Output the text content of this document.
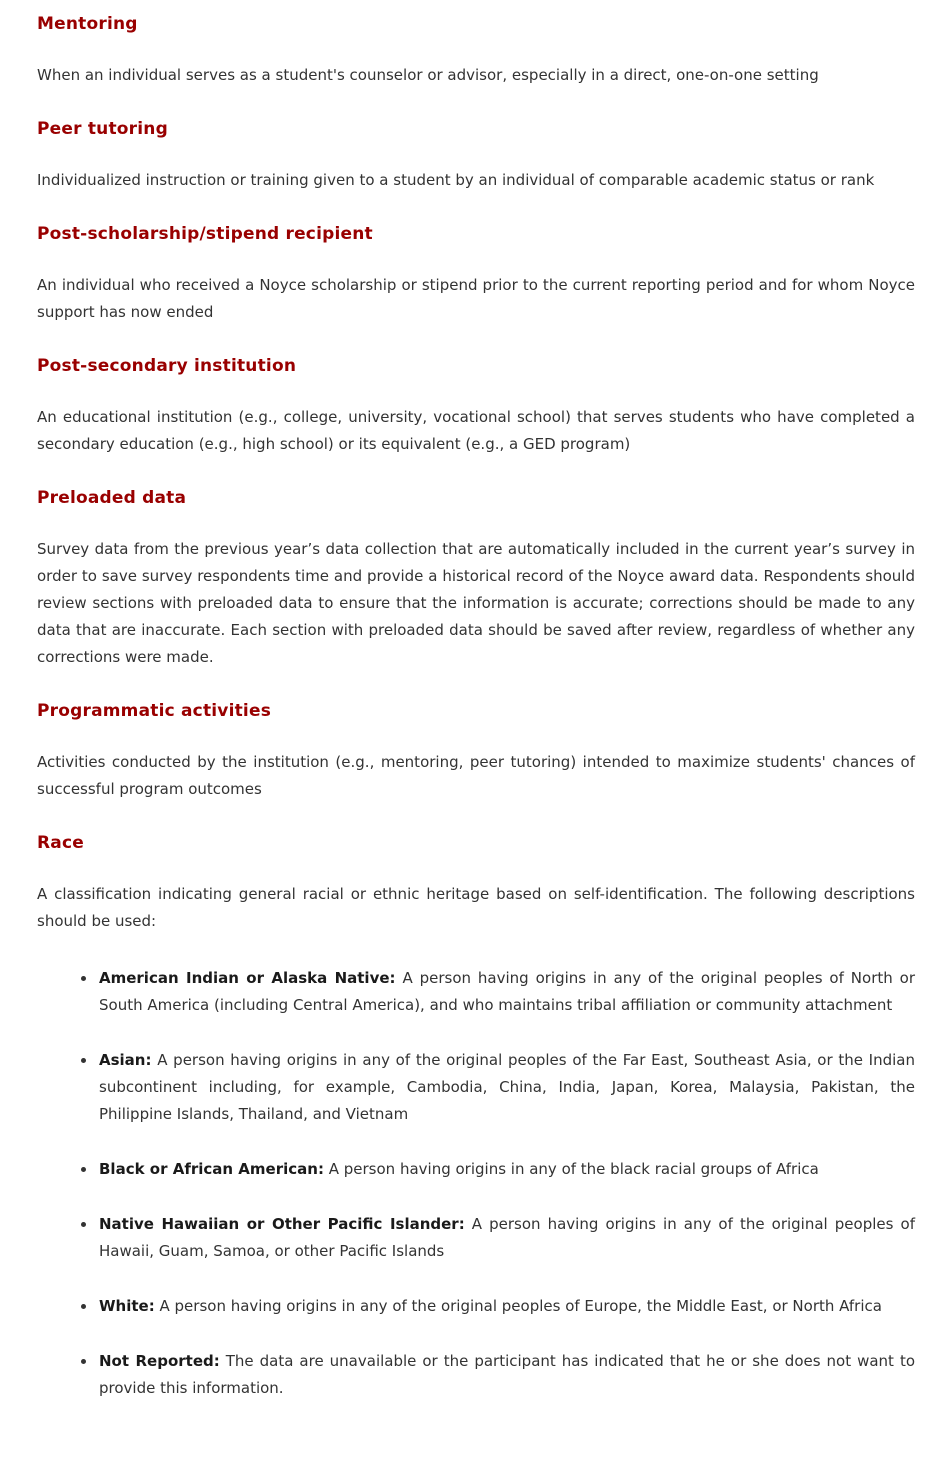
Mentoring

When an individual serves as a student's counselor or advisor, especially in a direct, one-on-one setting

Peer tutoring

Individualized instruction or training given to a student by an individual of comparable academic status or rank

Post-scholarship/stipend recipient

An individual who received a Noyce scholarship or stipend prior to the current reporting period and for whom Noyce support has now ended

Post-secondary institution

An educational institution (e.g., college, university, vocational school) that serves students who have completed a secondary education (e.g., high school) or its equivalent (e.g., a GED program)

Preloaded data

Survey data from the previous year’s data collection that are automatically included in the current year’s survey in order to save survey respondents time and provide a historical record of the Noyce award data. Respondents should review sections with preloaded data to ensure that the information is accurate; corrections should be made to any data that are inaccurate. Each section with preloaded data should be saved after review, regardless of whether any corrections were made.

Programmatic activities

Activities conducted by the institution (e.g., mentoring, peer tutoring) intended to maximize students' chances of successful program outcomes

Race

A classification indicating general racial or ethnic heritage based on self-identification. The following descriptions should be used:

• American Indian or Alaska Native: A person having origins in any of the original peoples of North or South America (including Central America), and who maintains tribal affiliation or community attachment
• Asian: A person having origins in any of the original peoples of the Far East, Southeast Asia, or the Indian subcontinent including, for example, Cambodia, China, India, Japan, Korea, Malaysia, Pakistan, the Philippine Islands, Thailand, and Vietnam
• Black or African American: A person having origins in any of the black racial groups of Africa
• Native Hawaiian or Other Pacific Islander: A person having origins in any of the original peoples of Hawaii, Guam, Samoa, or other Pacific Islands
• White: A person having origins in any of the original peoples of Europe, the Middle East, or North Africa
• Not Reported: The data are unavailable or the participant has indicated that he or she does not want to provide this information.
